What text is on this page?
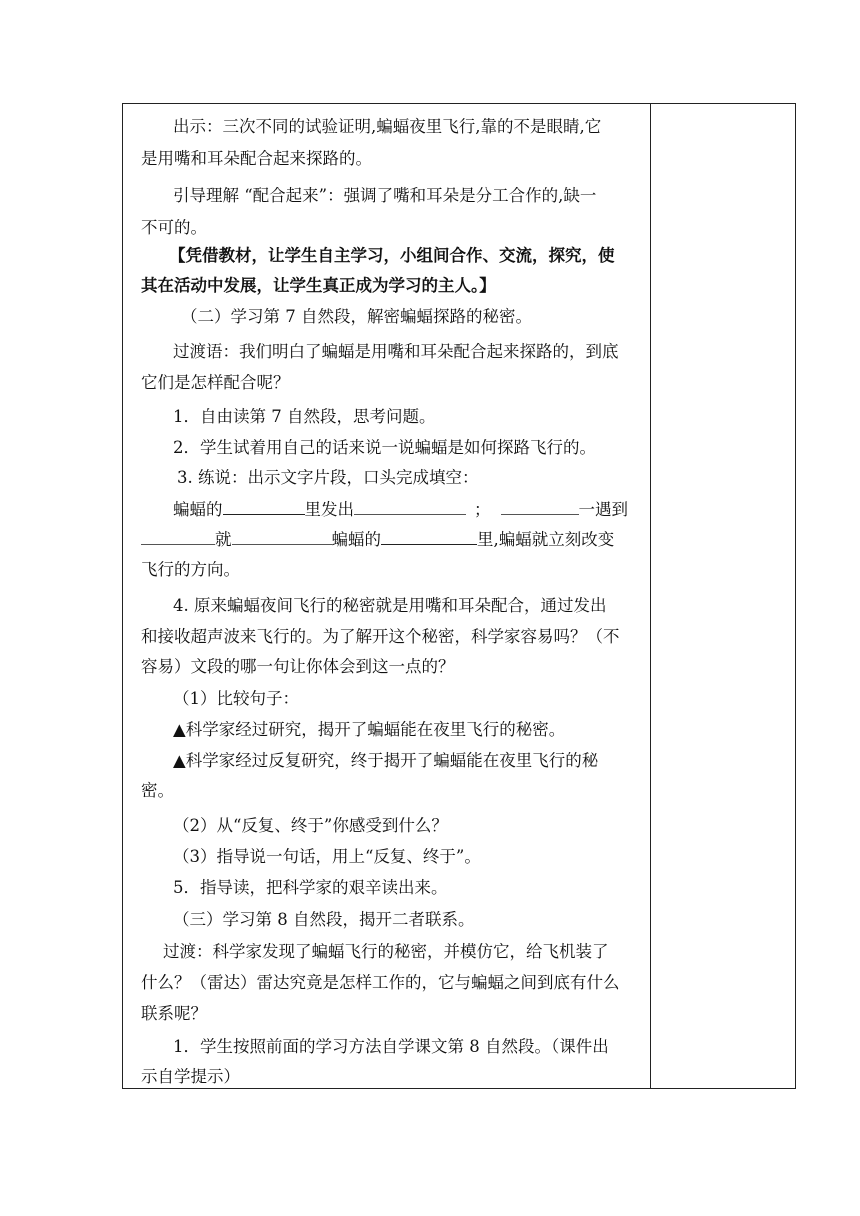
出示：三次不同的试验证明,蝙蝠夜里飞行,靠的不是眼睛,它
是用嘴和耳朵配合起来探路的。
引导理解 “配合起来”：强调了嘴和耳朵是分工合作的,缺一
不可的。
【凭借教材，让学生自主学习，小组间合作、交流，探究，使
其在活动中发展，让学生真正成为学习的主人。】
（二）学习第 7 自然段，解密蝙蝠探路的秘密。
过渡语：我们明白了蝙蝠是用嘴和耳朵配合起来探路的，到底
它们是怎样配合呢？
1．自由读第 7 自然段，思考问题。
2．学生试着用自己的话来说一说蝙蝠是如何探路飞行的。
3. 练说：出示文字片段，口头完成填空：
蝙蝠的	里发出	；	一遇到
就	蝙蝠的	里,蝙蝠就立刻改变
飞行的方向。
4. 原来蝙蝠夜间飞行的秘密就是用嘴和耳朵配合，通过发出
和接收超声波来飞行的。为了解开这个秘密，科学家容易吗？（不
容易）文段的哪一句让你体会到这一点的？
（1）比较句子：
▲科学家经过研究，揭开了蝙蝠能在夜里飞行的秘密。
▲科学家经过反复研究，终于揭开了蝙蝠能在夜里飞行的秘
密。
（2）从“反复、终于”你感受到什么？
（3）指导说一句话，用上“反复、终于”。
5．指导读，把科学家的艰辛读出来。
（三）学习第 8 自然段，揭开二者联系。
过渡：科学家发现了蝙蝠飞行的秘密，并模仿它，给飞机装了
什么？（雷达）雷达究竟是怎样工作的，它与蝙蝠之间到底有什么
联系呢？
1．学生按照前面的学习方法自学课文第 8 自然段。（课件出
示自学提示）
